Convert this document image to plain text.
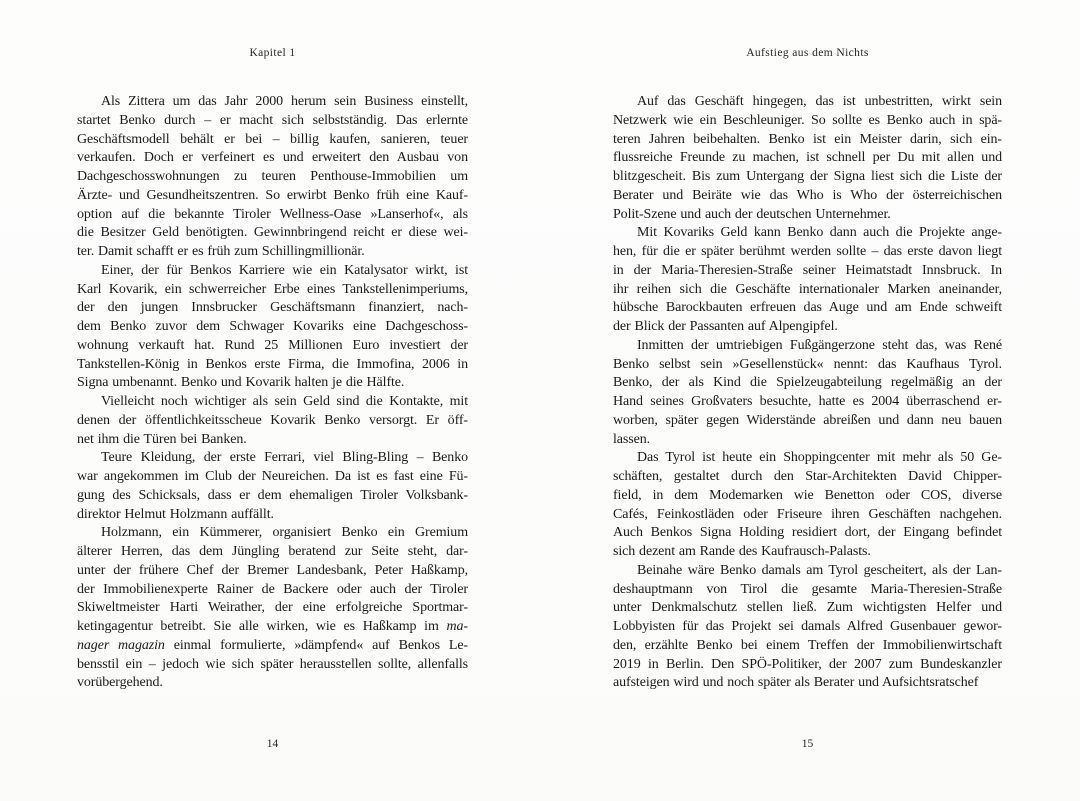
Kapitel 1
Als Zittera um das Jahr 2000 herum sein Business einstellt,
startet Benko durch – er macht sich selbstständig. Das erlernte
Geschäftsmodell behält er bei – billig kaufen, sanieren, teuer
verkaufen. Doch er verfeinert es und erweitert den Ausbau von
Dachgeschosswohnungen zu teuren Penthouse-Immobilien um
Ärzte- und Gesundheitszentren. So erwirbt Benko früh eine Kauf-
option auf die bekannte Tiroler Wellness-Oase »Lanserhof«, als
die Besitzer Geld benötigten. Gewinnbringend reicht er diese wei-
ter. Damit schafft er es früh zum Schillingmillionär.
Einer, der für Benkos Karriere wie ein Katalysator wirkt, ist
Karl Kovarik, ein schwerreicher Erbe eines Tankstellenimperiums,
der den jungen Innsbrucker Geschäftsmann finanziert, nach-
dem Benko zuvor dem Schwager Kovariks eine Dachgeschoss-
wohnung verkauft hat. Rund 25 Millionen Euro investiert der
Tankstellen-König in Benkos erste Firma, die Immofina, 2006 in
Signa umbenannt. Benko und Kovarik halten je die Hälfte.
Vielleicht noch wichtiger als sein Geld sind die Kontakte, mit
denen der öffentlichkeitsscheue Kovarik Benko versorgt. Er öff-
net ihm die Türen bei Banken.
Teure Kleidung, der erste Ferrari, viel Bling-Bling – Benko
war angekommen im Club der Neureichen. Da ist es fast eine Fü-
gung des Schicksals, dass er dem ehemaligen Tiroler Volksbank-
direktor Helmut Holzmann auffällt.
Holzmann, ein Kümmerer, organisiert Benko ein Gremium
älterer Herren, das dem Jüngling beratend zur Seite steht, dar-
unter der frühere Chef der Bremer Landesbank, Peter Haßkamp,
der Immobilienexperte Rainer de Backere oder auch der Tiroler
Skiweltmeister Harti Weirather, der eine erfolgreiche Sportmar-
ketingagentur betreibt. Sie alle wirken, wie es Haßkamp im ma-
nager magazin einmal formulierte, »dämpfend« auf Benkos Le-
bensstil ein – jedoch wie sich später herausstellen sollte, allenfalls
vorübergehend.
14
Aufstieg aus dem Nichts
Auf das Geschäft hingegen, das ist unbestritten, wirkt sein
Netzwerk wie ein Beschleuniger. So sollte es Benko auch in spä-
teren Jahren beibehalten. Benko ist ein Meister darin, sich ein-
flussreiche Freunde zu machen, ist schnell per Du mit allen und
blitzgescheit. Bis zum Untergang der Signa liest sich die Liste der
Berater und Beiräte wie das Who is Who der österreichischen
Polit-Szene und auch der deutschen Unternehmer.
Mit Kovariks Geld kann Benko dann auch die Projekte ange-
hen, für die er später berühmt werden sollte – das erste davon liegt
in der Maria-Theresien-Straße seiner Heimatstadt Innsbruck. In
ihr reihen sich die Geschäfte internationaler Marken aneinander,
hübsche Barockbauten erfreuen das Auge und am Ende schweift
der Blick der Passanten auf Alpengipfel.
Inmitten der umtriebigen Fußgängerzone steht das, was René
Benko selbst sein »Gesellenstück« nennt: das Kaufhaus Tyrol.
Benko, der als Kind die Spielzeugabteilung regelmäßig an der
Hand seines Großvaters besuchte, hatte es 2004 überraschend er-
worben, später gegen Widerstände abreißen und dann neu bauen
lassen.
Das Tyrol ist heute ein Shoppingcenter mit mehr als 50 Ge-
schäften, gestaltet durch den Star-Architekten David Chipper-
field, in dem Modemarken wie Benetton oder COS, diverse
Cafés, Feinkostläden oder Friseure ihren Geschäften nachgehen.
Auch Benkos Signa Holding residiert dort, der Eingang befindet
sich dezent am Rande des Kaufrausch-Palasts.
Beinahe wäre Benko damals am Tyrol gescheitert, als der Lan-
deshauptmann von Tirol die gesamte Maria-Theresien-Straße
unter Denkmalschutz stellen ließ. Zum wichtigsten Helfer und
Lobbyisten für das Projekt sei damals Alfred Gusenbauer gewor-
den, erzählte Benko bei einem Treffen der Immobilienwirtschaft
2019 in Berlin. Den SPÖ-Politiker, der 2007 zum Bundeskanzler
aufsteigen wird und noch später als Berater und Aufsichtsratschef
15
